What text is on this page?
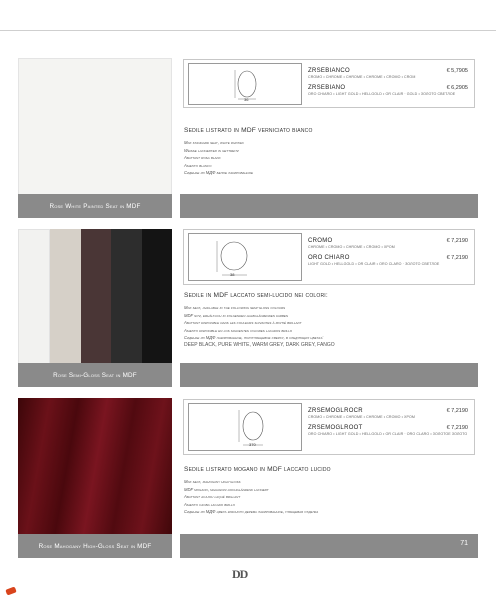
Rose White Painted Seat in MDF
36
ZRSEBIANCO	€ 5,7905
CROMO • CHROME • CHROME • CHROME • CROMO • CROM
ZRSEBIANO	€ 6,2905
ORO CHIARO • LIGHT GOLD • HELLGOLD • OR CLAIR · GOLD • ЗОЛОТО СВЕТЛОЕ
Sedile listrato in MDF verniciato bianco
Mdf standard seat, white painted
Weiße lackierter in gettreitz
Abattant rosa blanc
Asiento blanco
Сиденье из МДФ белое лакированное
Rose Semi-Gloss Seat in MDF
38
CROMO	€ 7,2190
CHROME • CROMO • CHROME • CROMO • ХРОМ
ORO CHIARO	€ 7,2190
LIGHT GOLD • HELLGOLD • OR CLAIR • ORO CLARO · ЗОЛОТО СВЕТЛОЕ
Sedile in MDF laccato semi-lucido nei colori:
Mdf seat, available in the following semi-gloss colours
MDF sitz, erhältlich in folgenden halbglänzenden farben
Abattant disponible dans les couleurs suivantes à moitié brillant
Asiento disponible en los siguientes colores lacados brillo
Сиденье из МДФ лакированное, полуглянцевое сверху, в следующих цветах:
DEEP BLACK, PURE WHITE, WARM GREY, DARK GREY, FANGO
Rose Mahogany High-Gloss Seat in MDF	71
370
ZRSEMOGLROCR	€ 7,2190
CROMO • CHROME • CHROME • CHROME • CROMO • ХРОМ
ZRSEMOGLROOT	€ 7,2190
ORO CHIARO • LIGHT GOLD • HELLGOLD • OR CLAIR · ORO CLARO • ЗОЛОТОЕ ЗОЛОТО
Sedile listrato mogano in MDF laccato lucido
Mdf seat, mahogany high-gloss
MDF mogano, mahagoni hochglänzend lackiert
Abattant acajou laqué brillant
Asiento caoba lacado brillo
Сиденье из МДФ цвета красного дерева лакированное, глянцевая отделка
DD
